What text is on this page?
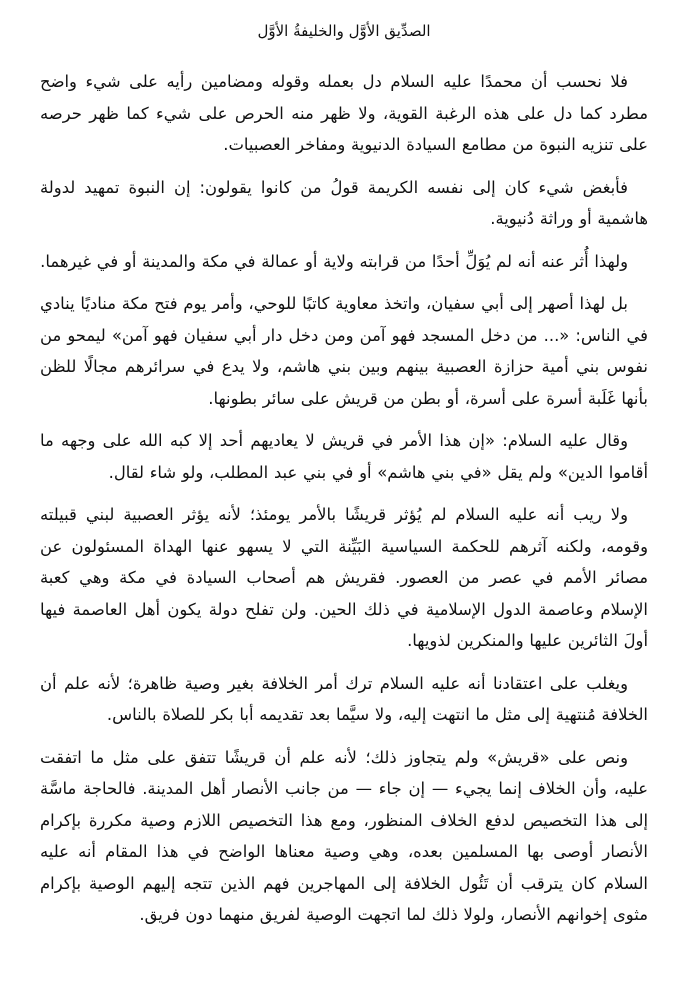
الصدِّيق الأوَّل والخليفةُ الأوَّل

فلا نحسب أن محمدًا عليه السلام دل بعمله وقوله ومضامين رأيه على شيء واضح مطرد كما دل على هذه الرغبة القوية، ولا ظهر منه الحرص على شيء كما ظهر حرصه على تنزيه النبوة من مطامع السيادة الدنيوية ومفاخر العصبيات.

فأبغض شيء كان إلى نفسه الكريمة قولُ من كانوا يقولون: إن النبوة تمهيد لدولة هاشمية أو وراثة دُنيوية.

ولهذا أُثر عنه أنه لم يُوَلِّ أحدًا من قرابته ولاية أو عمالة في مكة والمدينة أو في غيرهما.

بل لهذا أصهر إلى أبي سفيان، واتخذ معاوية كاتبًا للوحي، وأمر يوم فتح مكة مناديًا ينادي في الناس: «... من دخل المسجد فهو آمن ومن دخل دار أبي سفيان فهو آمن» ليمحو من نفوس بني أمية حزازة العصبية بينهم وبين بني هاشم، ولا يدع في سرائرهم مجالًا للظن بأنها غَلَبة أسرة على أسرة، أو بطن من قريش على سائر بطونها.

وقال عليه السلام: «إن هذا الأمر في قريش لا يعاديهم أحد إلا كبه الله على وجهه ما أقاموا الدين» ولم يقل «في بني هاشم» أو في بني عبد المطلب، ولو شاء لقال.

ولا ريب أنه عليه السلام لم يُؤثر قريشًا بالأمر يومئذ؛ لأنه يؤثر العصبية لبني قبيلته وقومه، ولكنه آثرهم للحكمة السياسية البَيِّنة التي لا يسهو عنها الهداة المسئولون عن مصائر الأمم في عصر من العصور. فقريش هم أصحاب السيادة في مكة وهي كعبة الإسلام وعاصمة الدول الإسلامية في ذلك الحين. ولن تفلح دولة يكون أهل العاصمة فيها أولَ الثائرين عليها والمنكرين لذويها.

ويغلب على اعتقادنا أنه عليه السلام ترك أمر الخلافة بغير وصية ظاهرة؛ لأنه علم أن الخلافة مُنتهية إلى مثل ما انتهت إليه، ولا سيَّما بعد تقديمه أبا بكر للصلاة بالناس.

ونص على «قريش» ولم يتجاوز ذلك؛ لأنه علم أن قريشًا تتفق على مثل ما اتفقت عليه، وأن الخلاف إنما يجيء — إن جاء — من جانب الأنصار أهل المدينة. فالحاجة ماسَّة إلى هذا التخصيص لدفع الخلاف المنظور، ومع هذا التخصيص اللازم وصية مكررة بإكرام الأنصار أوصى بها المسلمين بعده، وهي وصية معناها الواضح في هذا المقام أنه عليه السلام كان يترقب أن تَئُول الخلافة إلى المهاجرين فهم الذين تتجه إليهم الوصية بإكرام مثوى إخوانهم الأنصار، ولولا ذلك لما اتجهت الوصية لفريق منهما دون فريق.
